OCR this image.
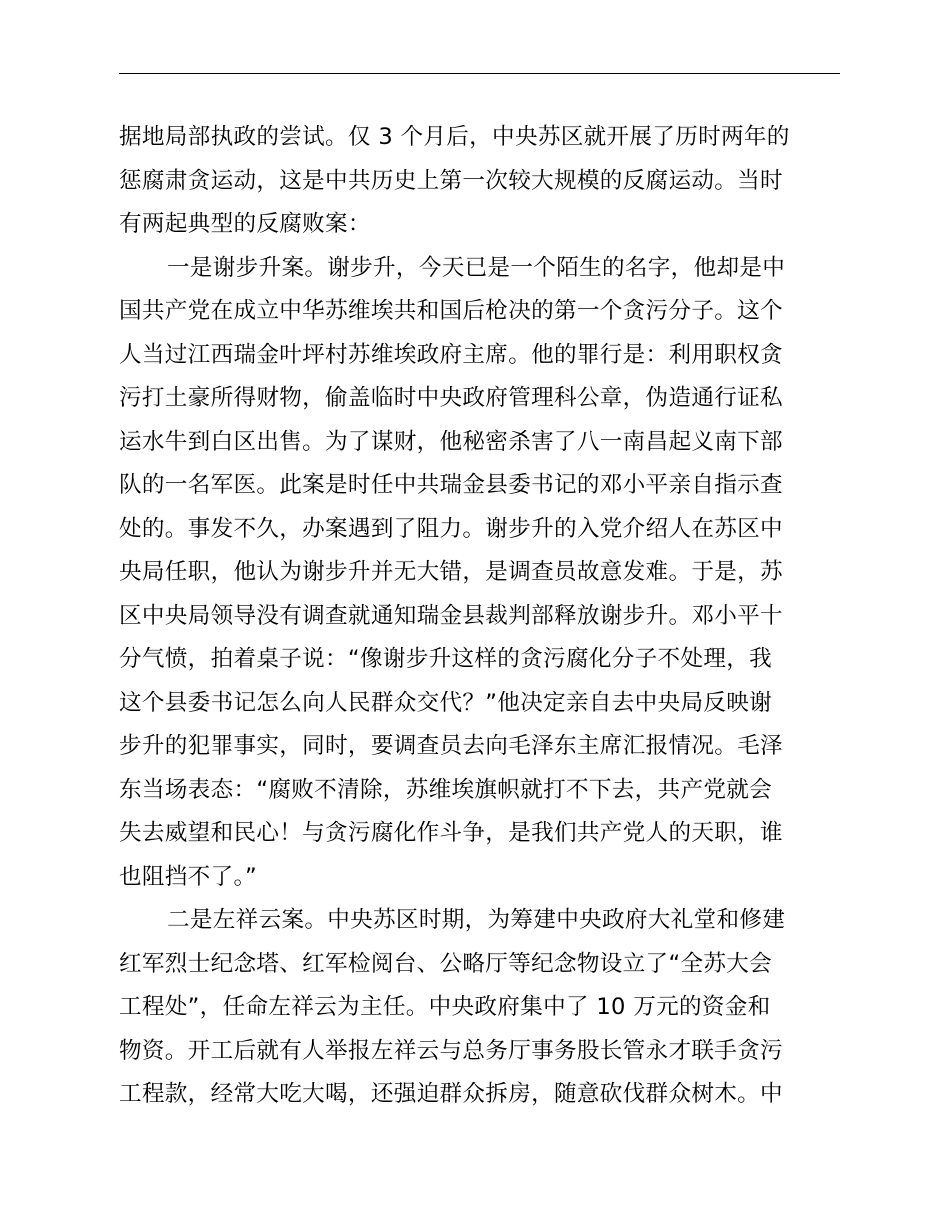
据地局部执政的尝试。仅 3 个月后，中央苏区就开展了历时两年的
惩腐肃贪运动，这是中共历史上第一次较大规模的反腐运动。当时
有两起典型的反腐败案：
一是谢步升案。谢步升，今天已是一个陌生的名字，他却是中
国共产党在成立中华苏维埃共和国后枪决的第一个贪污分子。这个
人当过江西瑞金叶坪村苏维埃政府主席。他的罪行是：利用职权贪
污打土豪所得财物，偷盖临时中央政府管理科公章，伪造通行证私
运水牛到白区出售。为了谋财，他秘密杀害了八一南昌起义南下部
队的一名军医。此案是时任中共瑞金县委书记的邓小平亲自指示查
处的。事发不久，办案遇到了阻力。谢步升的入党介绍人在苏区中
央局任职，他认为谢步升并无大错，是调查员故意发难。于是，苏
区中央局领导没有调查就通知瑞金县裁判部释放谢步升。邓小平十
分气愤，拍着桌子说：“像谢步升这样的贪污腐化分子不处理，我
这个县委书记怎么向人民群众交代？”他决定亲自去中央局反映谢
步升的犯罪事实，同时，要调查员去向毛泽东主席汇报情况。毛泽
东当场表态：“腐败不清除，苏维埃旗帜就打不下去，共产党就会
失去威望和民心！与贪污腐化作斗争，是我们共产党人的天职，谁
也阻挡不了。”
二是左祥云案。中央苏区时期，为筹建中央政府大礼堂和修建
红军烈士纪念塔、红军检阅台、公略厅等纪念物设立了“全苏大会
工程处”，任命左祥云为主任。中央政府集中了 10 万元的资金和
物资。开工后就有人举报左祥云与总务厅事务股长管永才联手贪污
工程款，经常大吃大喝，还强迫群众拆房，随意砍伐群众树木。中
